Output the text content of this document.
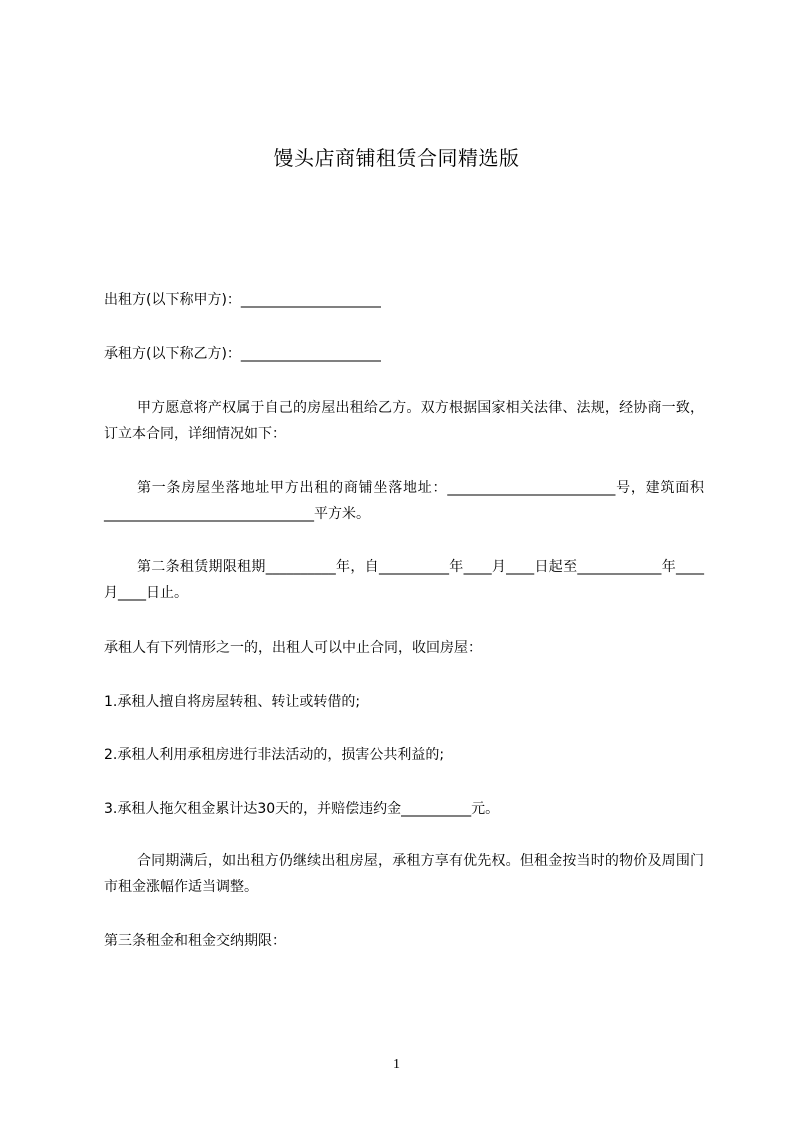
馒头店商铺租赁合同精选版
出租方(以下称甲方)：____________________
承租方(以下称乙方)：____________________
甲方愿意将产权属于自己的房屋出租给乙方。双方根据国家相关法律、法规，经协商一致，订立本合同，详细情况如下：
第一条房屋坐落地址甲方出租的商铺坐落地址：________________________号，建筑面积______________________________平方米。
第二条租赁期限租期__________年，自__________年____月____日起至____________年____月____日止。
承租人有下列情形之一的，出租人可以中止合同，收回房屋：
1.承租人擅自将房屋转租、转让或转借的;
2.承租人利用承租房进行非法活动的，损害公共利益的;
3.承租人拖欠租金累计达30天的，并赔偿违约金__________元。
合同期满后，如出租方仍继续出租房屋，承租方享有优先权。但租金按当时的物价及周围门市租金涨幅作适当调整。
第三条租金和租金交纳期限：
1
